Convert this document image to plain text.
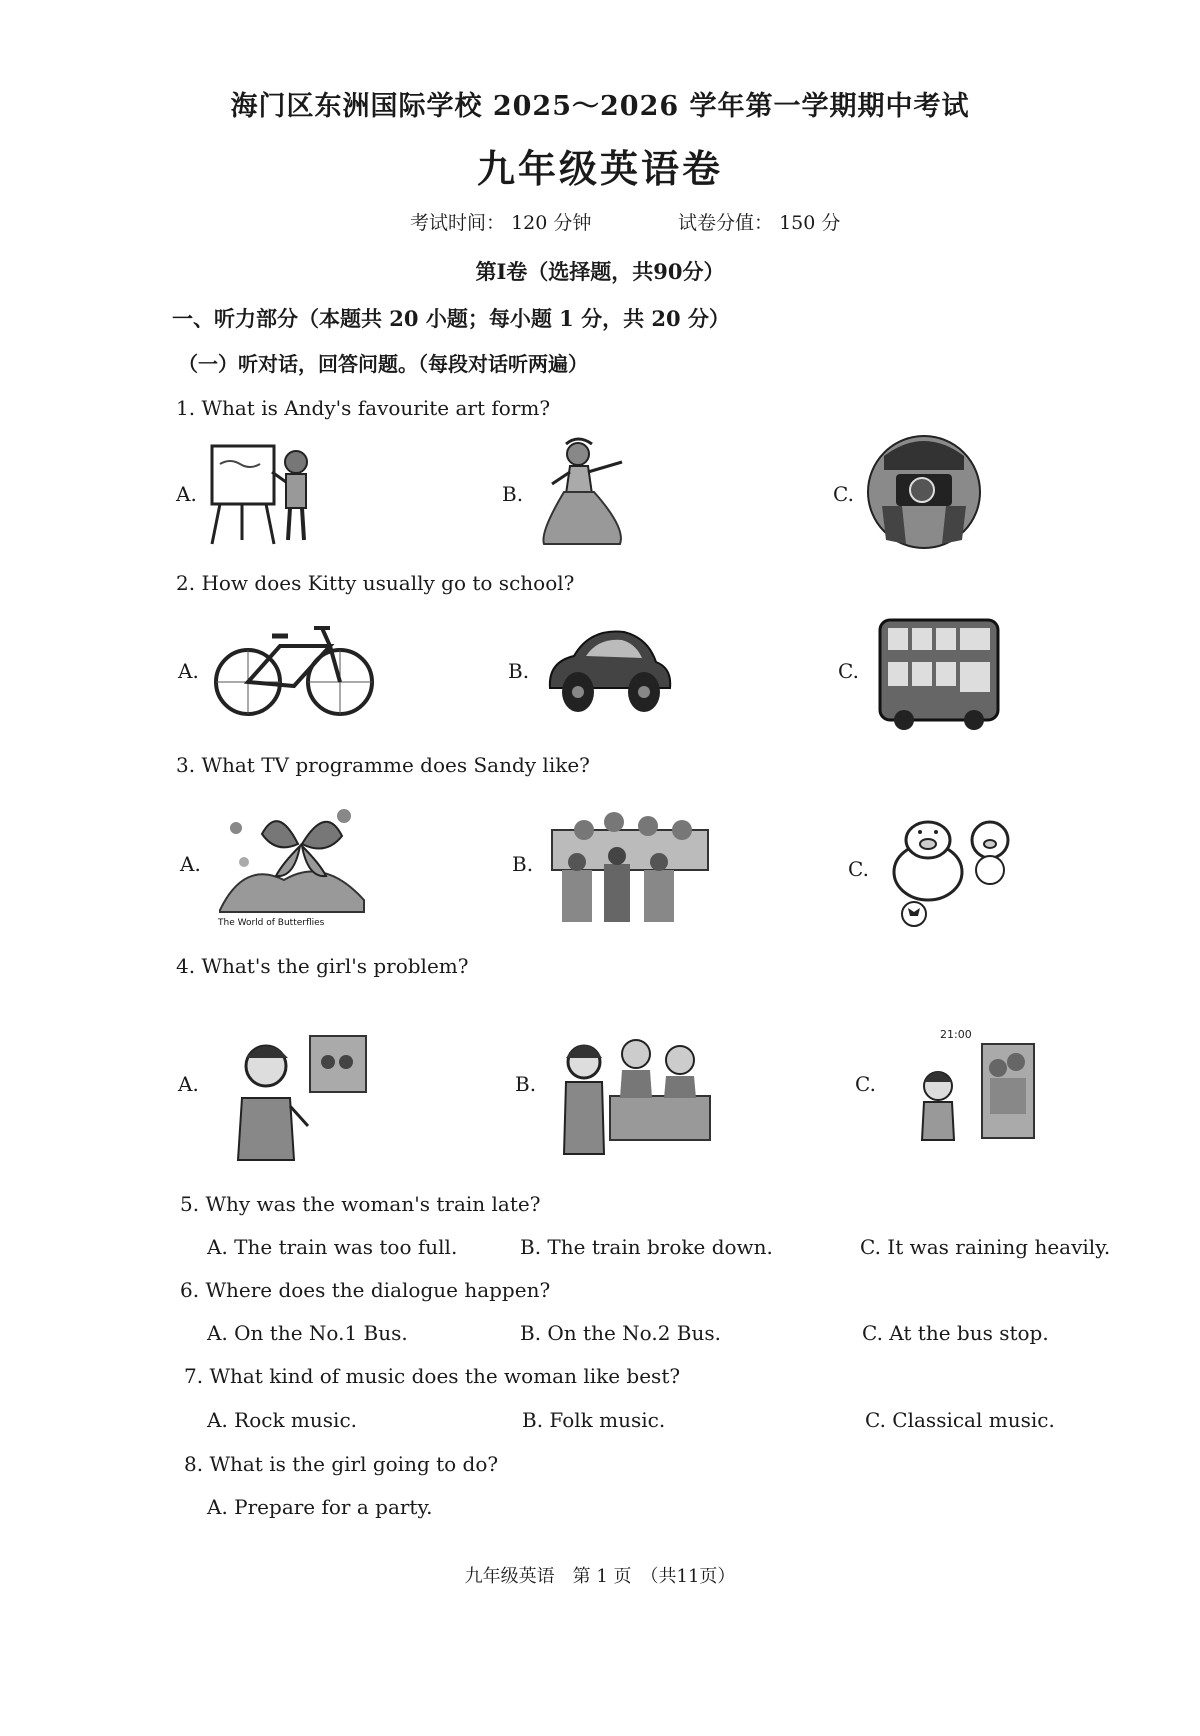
海门区东洲国际学校 2025～2026 学年第一学期期中考试
九年级英语卷
考试时间： 120 分钟	试卷分值： 150 分
第Ⅰ卷（选择题，共90分）
一、听力部分（本题共 20 小题；每小题 1 分，共 20 分）
（一）听对话，回答问题。（每段对话听两遍）
1. What is Andy's favourite art form?
A.	B.	C.
2. How does Kitty usually go to school?
A.	B.	C.
3. What TV programme does Sandy like?
A.	B.	C.
The World of Butterflies
4. What's the girl's problem?
A.	B.	C.
21:00
5. Why was the woman's train late?
A. The train was too full.	B. The train broke down.	C. It was raining heavily.
6. Where does the dialogue happen?
A. On the No.1 Bus.	B. On the No.2 Bus.	C. At the bus stop.
7. What kind of music does the woman like best?
A. Rock music.	B. Folk music.	C. Classical music.
8. What is the girl going to do?
A. Prepare for a party.
九年级英语　第 1 页　（共11页）
